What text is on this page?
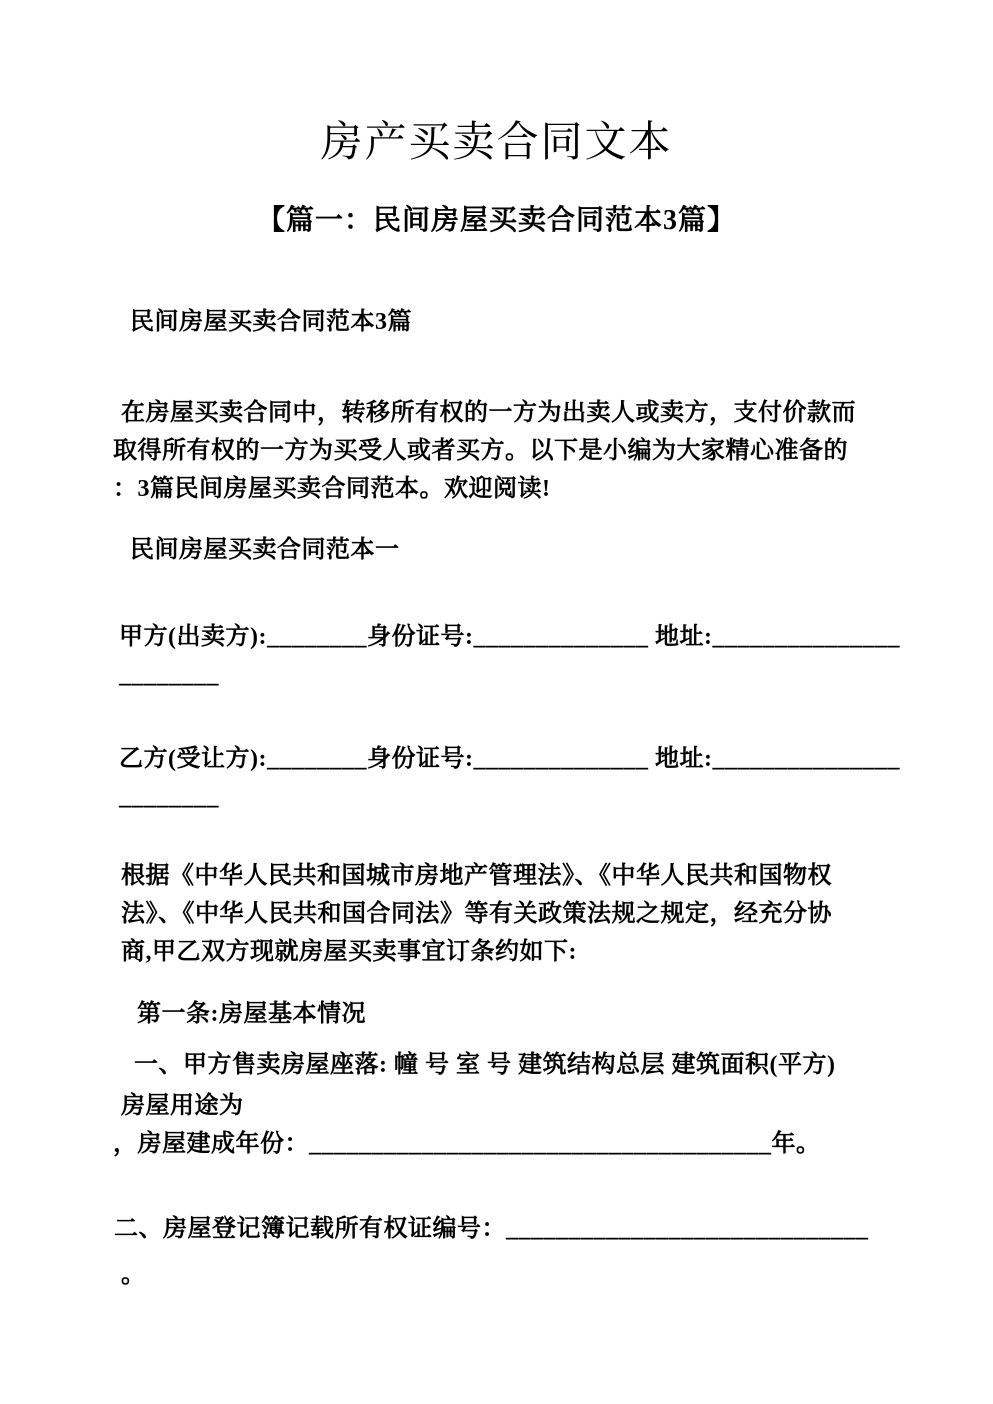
房产买卖合同文本
【篇一：民间房屋买卖合同范本3篇】
民间房屋买卖合同范本3篇
在房屋买卖合同中，转移所有权的一方为出卖人或卖方，支付价款而
取得所有权的一方为买受人或者买方。以下是小编为大家精心准备的
：3篇民间房屋买卖合同范本。欢迎阅读!
民间房屋买卖合同范本一
甲方(出卖方):________身份证号:______________ 地址:_______________
________
乙方(受让方):________身份证号:______________ 地址:_______________
________
根据《中华人民共和国城市房地产管理法》、《中华人民共和国物权
法》、《中华人民共和国合同法》等有关政策法规之规定，经充分协
商,甲乙双方现就房屋买卖事宜订条约如下:
第一条:房屋基本情况
一、甲方售卖房屋座落: 幢 号 室 号 建筑结构总层 建筑面积(平方)
房屋用途为
，房屋建成年份：_____________________________________年。
二、房屋登记簿记载所有权证编号：_____________________________
。
